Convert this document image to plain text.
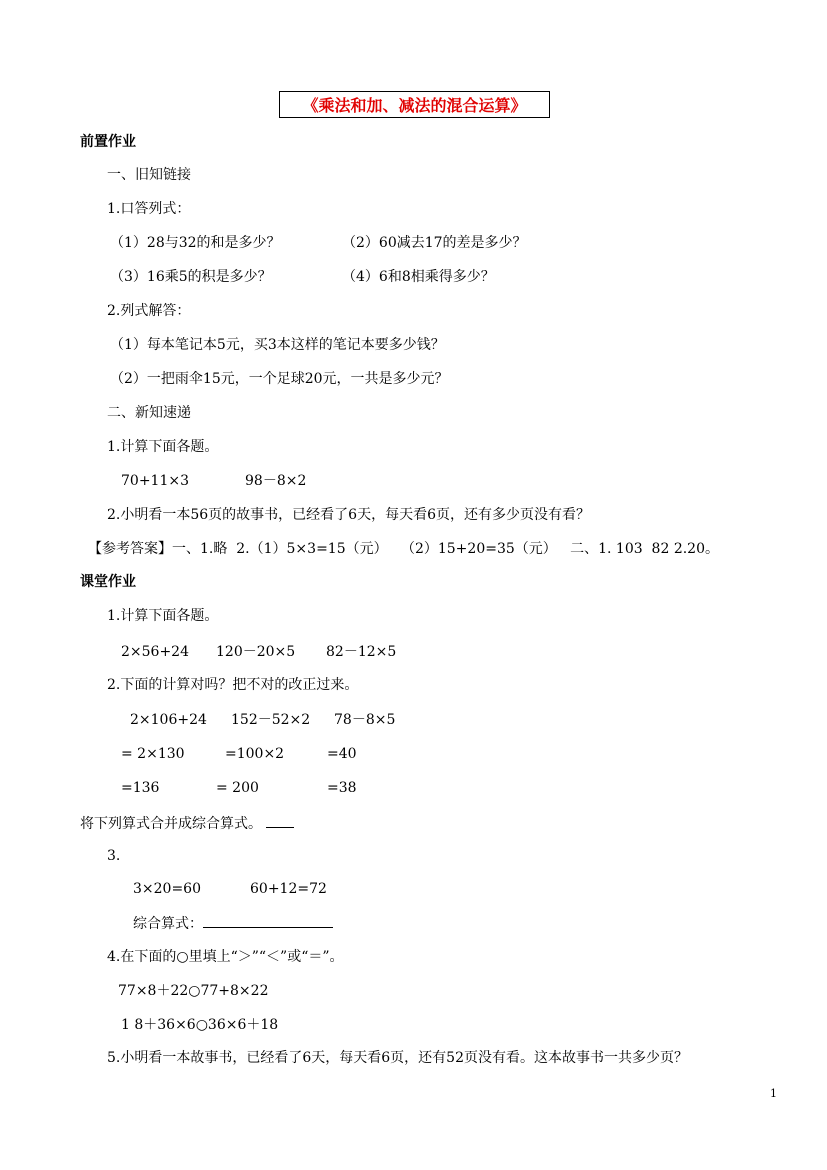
《乘法和加、减法的混合运算》
前置作业
一、旧知链接
1.口答列式：
（1）28与32的和是多少？	（2）60减去17的差是多少？
（3）16乘5的积是多少？	（4）6和8相乘得多少？
2.列式解答：
（1）每本笔记本5元，买3本这样的笔记本要多少钱？
（2）一把雨伞15元，一个足球20元，一共是多少元？
二、新知速递
1.计算下面各题。
70+11×3	98－8×2
2.小明看一本56页的故事书，已经看了6天，每天看6页，还有多少页没有看？
【参考答案】一、1.略  2.（1）5×3=15（元）   （2）15+20=35（元）   二、1. 103  82 2.20。
课堂作业
1.计算下面各题。
2×56+24 120－20×5 82－12×5
2.下面的计算对吗？把不对的改正过来。
2×106+24 152－52×2 78－8×5
= 2×130	=100×2	=40
=136	= 200	=38
将下列算式合并成综合算式。
3.
3×20=60	60+12=72
综合算式：
4.在下面的○里填上“＞”“＜”或“＝”。
77×8＋22○77+8×22
1 8＋36×6○36×6＋18
5.小明看一本故事书，已经看了6天，每天看6页，还有52页没有看。这本故事书一共多少页？
1
